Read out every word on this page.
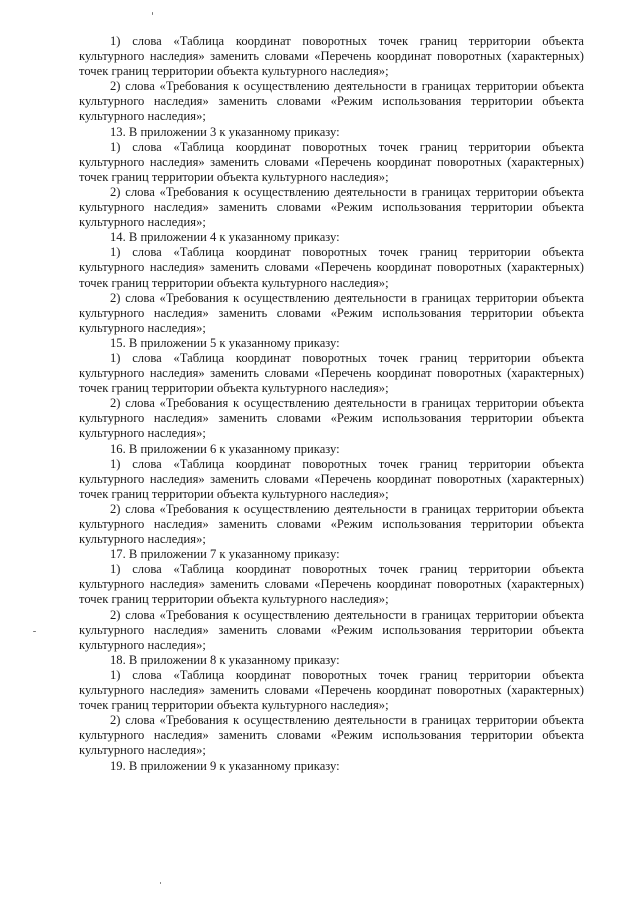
1) слова «Таблица координат поворотных точек границ территории объекта культурного наследия» заменить словами «Перечень координат поворотных (характерных) точек границ территории объекта культурного наследия»;

2) слова «Требования к осуществлению деятельности в границах территории объекта культурного наследия» заменить словами «Режим использования территории объекта культурного наследия»;

13. В приложении 3 к указанному приказу:

1) слова «Таблица координат поворотных точек границ территории объекта культурного наследия» заменить словами «Перечень координат поворотных (характерных) точек границ территории объекта культурного наследия»;

2) слова «Требования к осуществлению деятельности в границах территории объекта культурного наследия» заменить словами «Режим использования территории объекта культурного наследия»;

14. В приложении 4 к указанному приказу:

1) слова «Таблица координат поворотных точек границ территории объекта культурного наследия» заменить словами «Перечень координат поворотных (характерных) точек границ территории объекта культурного наследия»;

2) слова «Требования к осуществлению деятельности в границах территории объекта культурного наследия» заменить словами «Режим использования территории объекта культурного наследия»;

15. В приложении 5 к указанному приказу:

1) слова «Таблица координат поворотных точек границ территории объекта культурного наследия» заменить словами «Перечень координат поворотных (характерных) точек границ территории объекта культурного наследия»;

2) слова «Требования к осуществлению деятельности в границах территории объекта культурного наследия» заменить словами «Режим использования территории объекта культурного наследия»;

16. В приложении 6 к указанному приказу:

1) слова «Таблица координат поворотных точек границ территории объекта культурного наследия» заменить словами «Перечень координат поворотных (характерных) точек границ территории объекта культурного наследия»;

2) слова «Требования к осуществлению деятельности в границах территории объекта культурного наследия» заменить словами «Режим использования территории объекта культурного наследия»;

17. В приложении 7 к указанному приказу:

1) слова «Таблица координат поворотных точек границ территории объекта культурного наследия» заменить словами «Перечень координат поворотных (характерных) точек границ территории объекта культурного наследия»;

2) слова «Требования к осуществлению деятельности в границах территории объекта культурного наследия» заменить словами «Режим использования территории объекта культурного наследия»;

18. В приложении 8 к указанному приказу:

1) слова «Таблица координат поворотных точек границ территории объекта культурного наследия» заменить словами «Перечень координат поворотных (характерных) точек границ территории объекта культурного наследия»;

2) слова «Требования к осуществлению деятельности в границах территории объекта культурного наследия» заменить словами «Режим использования территории объекта культурного наследия»;

19. В приложении 9 к указанному приказу:
